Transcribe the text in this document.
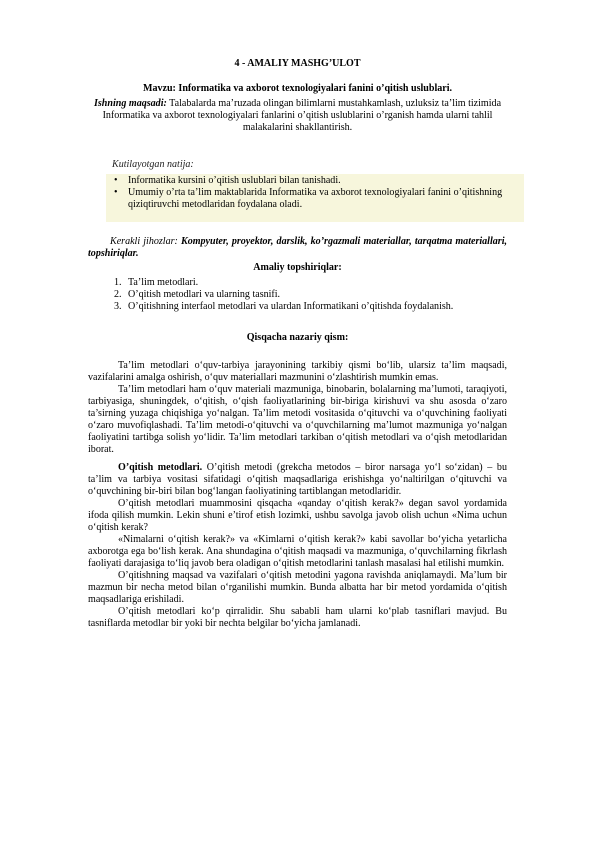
4 - AMALIY MASHG’ULOT
Mavzu: Informatika va axborot texnologiyalari fanini o’qitish uslublari.
Ishning maqsadi: Talabalarda ma’ruzada olingan bilimlarni mustahkamlash, uzluksiz ta’lim tizimida Informatika va axborot texnologiyalari fanlarini o’qitish uslublarini o’rganish hamda ularni tahlil malakalarini shakllantirish.
Kutilayotgan natija:
• Informatika kursini o’qitish uslublari bilan tanishadi.
• Umumiy o’rta ta’lim maktablarida Informatika va axborot texnologiyalari fanini o’qitishning qiziqtiruvchi metodlaridan foydalana oladi.
Kerakli jihozlar: Kompyuter, proyektor, darslik, ko’rgazmali materiallar, tarqatma materiallari, topshiriqlar.
Amaliy topshiriqlar:
1. Ta’lim metodlari.
2. O’qitish metodlari va ularning tasnifi.
3. O’qitishning interfaol metodlari va ulardan Informatikani o’qitishda foydalanish.
Qisqacha nazariy qism:

Ta’lim metodlari o‘quv-tarbiya jarayonining tarkibiy qismi bo‘lib, ularsiz ta’lim maqsadi, vazifalarini amalga oshirish, o‘quv materiallari mazmunini o‘zlashtirish mumkin emas.

Ta’lim metodlari ham o‘quv materiali mazmuniga, binobarin, bolalarning ma’lumoti, taraqiyoti, tarbiyasiga, shuningdek, o‘qitish, o‘qish faoliyatlarining bir-biriga kirishuvi va shu asosda o‘zaro ta’sirning yuzaga chiqishiga yo‘nalgan. Ta’lim metodi vositasida o‘qituvchi va o‘quvchining faoliyati o‘zaro muvofiqlashadi. Ta’lim metodi-o‘qituvchi va o‘quvchilarning ma’lumot mazmuniga yo‘nalgan faoliyatini tartibga solish yo‘lidir. Ta’lim metodlari tarkiban o‘qitish metodlari va o‘qish metodlaridan iborat.

O’qitish metodlari. O’qitish metodi (grekcha metodos – biror narsaga yo‘l so‘zidan) – bu ta’lim va tarbiya vositasi sifatidagi o‘qitish maqsadlariga erishishga yo‘naltirilgan o‘qituvchi va o‘quvchining bir-biri bilan bog‘langan faoliyatining tartiblangan metodlaridir.

O’qitish metodlari muammosini qisqacha «qanday o‘qitish kerak?» degan savol yordamida ifoda qilish mumkin. Lekin shuni e’tirof etish lozimki, ushbu savolga javob olish uchun «Nima uchun o‘qitish kerak?

«Nimalarni o‘qitish kerak?» va «Kimlarni o‘qitish kerak?» kabi savollar bo‘yicha yetarlicha axborotga ega bo‘lish kerak. Ana shundagina o‘qitish maqsadi va mazmuniga, o‘quvchilarning fikrlash faoliyati darajasiga to‘liq javob bera oladigan o‘qitish metodlarini tanlash masalasi hal etilishi mumkin.

O’qitishning maqsad va vazifalari o‘qitish metodini yagona ravishda aniqlamaydi. Ma’lum bir mazmun bir necha metod bilan o‘rganilishi mumkin. Bunda albatta har bir metod yordamida o‘qitish maqsadlariga erishiladi.

O’qitish metodlari ko‘p qirralidir. Shu sababli ham ularni ko‘plab tasniflari mavjud. Bu tasniflarda metodlar bir yoki bir nechta belgilar bo‘yicha jamlanadi.
